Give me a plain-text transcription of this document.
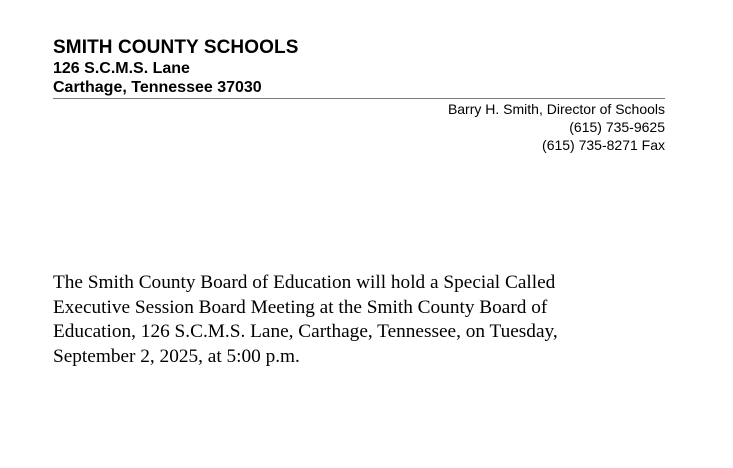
SMITH COUNTY SCHOOLS
126 S.C.M.S. Lane
Carthage, Tennessee 37030
Barry H. Smith, Director of Schools
(615) 735-9625
(615) 735-8271 Fax

The Smith County Board of Education will hold a Special Called Executive Session Board Meeting at the Smith County Board of Education, 126 S.C.M.S. Lane, Carthage, Tennessee, on Tuesday, September 2, 2025, at 5:00 p.m.
